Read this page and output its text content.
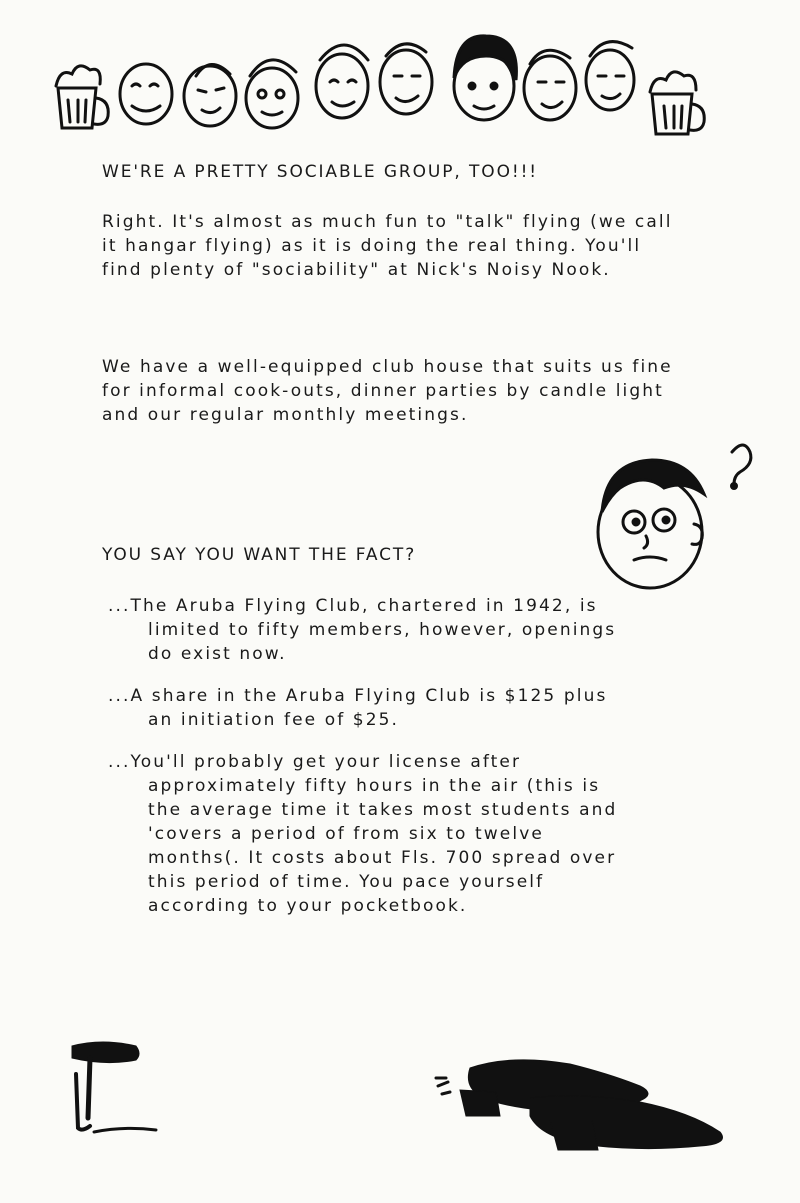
WE'RE A PRETTY SOCIABLE GROUP, TOO!!!

Right. It's almost as much fun to "talk" flying (we call it hangar flying) as it is doing the real thing. You'll find plenty of "sociability" at Nick's Noisy Nook.

We have a well-equipped club house that suits us fine for informal cook-outs, dinner parties by candle light and our regular monthly meetings.

YOU SAY YOU WANT THE FACT?
...The Aruba Flying Club, chartered in 1942, is limited to fifty members, however, openings do exist now.
...A share in the Aruba Flying Club is $125 plus an initiation fee of $25.
...You'll probably get your license after approximately fifty hours in the air (this is the average time it takes most students and 'covers a period of from six to twelve months(. It costs about Fls. 700 spread over this period of time. You pace yourself according to your pocketbook.
